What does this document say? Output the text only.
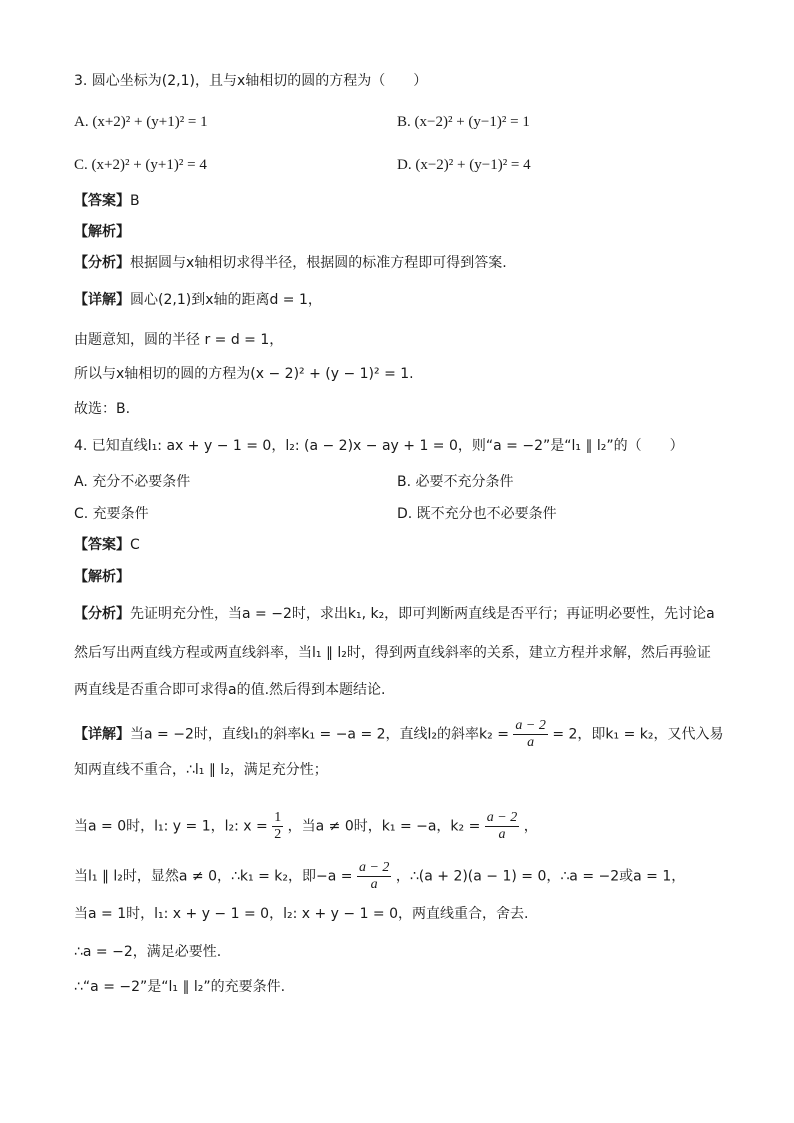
3. 圆心坐标为(2,1)，且与x轴相切的圆的方程为（　　）
A. (x+2)² + (y+1)² = 1	B. (x−2)² + (y−1)² = 1
C. (x+2)² + (y+1)² = 4	D. (x−2)² + (y−1)² = 4
【答案】B
【解析】
【分析】根据圆与x轴相切求得半径，根据圆的标准方程即可得到答案.
【详解】圆心(2,1)到x轴的距离d = 1，
由题意知，圆的半径 r = d = 1，
所以与x轴相切的圆的方程为(x − 2)² + (y − 1)² = 1.
故选：B.
4. 已知直线l₁: ax + y − 1 = 0，l₂: (a − 2)x − ay + 1 = 0，则“a = −2”是“l₁ ∥ l₂”的（　　）
A. 充分不必要条件	B. 必要不充分条件
C. 充要条件	D. 既不充分也不必要条件
【答案】C
【解析】
【分析】先证明充分性，当a = −2时，求出k₁, k₂，即可判断两直线是否平行；再证明必要性，先讨论a
然后写出两直线方程或两直线斜率，当l₁ ∥ l₂时，得到两直线斜率的关系，建立方程并求解，然后再验证
两直线是否重合即可求得a的值.然后得到本题结论.
【详解】当a = −2时，直线l₁的斜率k₁ = −a = 2，直线l₂的斜率$k_2 = \frac{a - 2}{a} = 2$，即k₁ = k₂，又代入易
知两直线不重合，∴l₁ ∥ l₂，满足充分性；
当a = 0时，l₁: y = 1，l₂: $x = \frac{1}{2}$ ，当a ≠ 0时，k₁ = −a，$k_2 = \frac{a - 2}{a}$ ，
当l₁ ∥ l₂时，显然a ≠ 0，∴k₁ = k₂，即$-a = \frac{a - 2}{a}$ ，∴(a + 2)(a − 1) = 0，∴a = −2或a = 1，
当a = 1时，l₁: x + y − 1 = 0，l₂: x + y − 1 = 0，两直线重合，舍去.
∴a = −2，满足必要性.
∴“a = −2”是“l₁ ∥ l₂”的充要条件.
